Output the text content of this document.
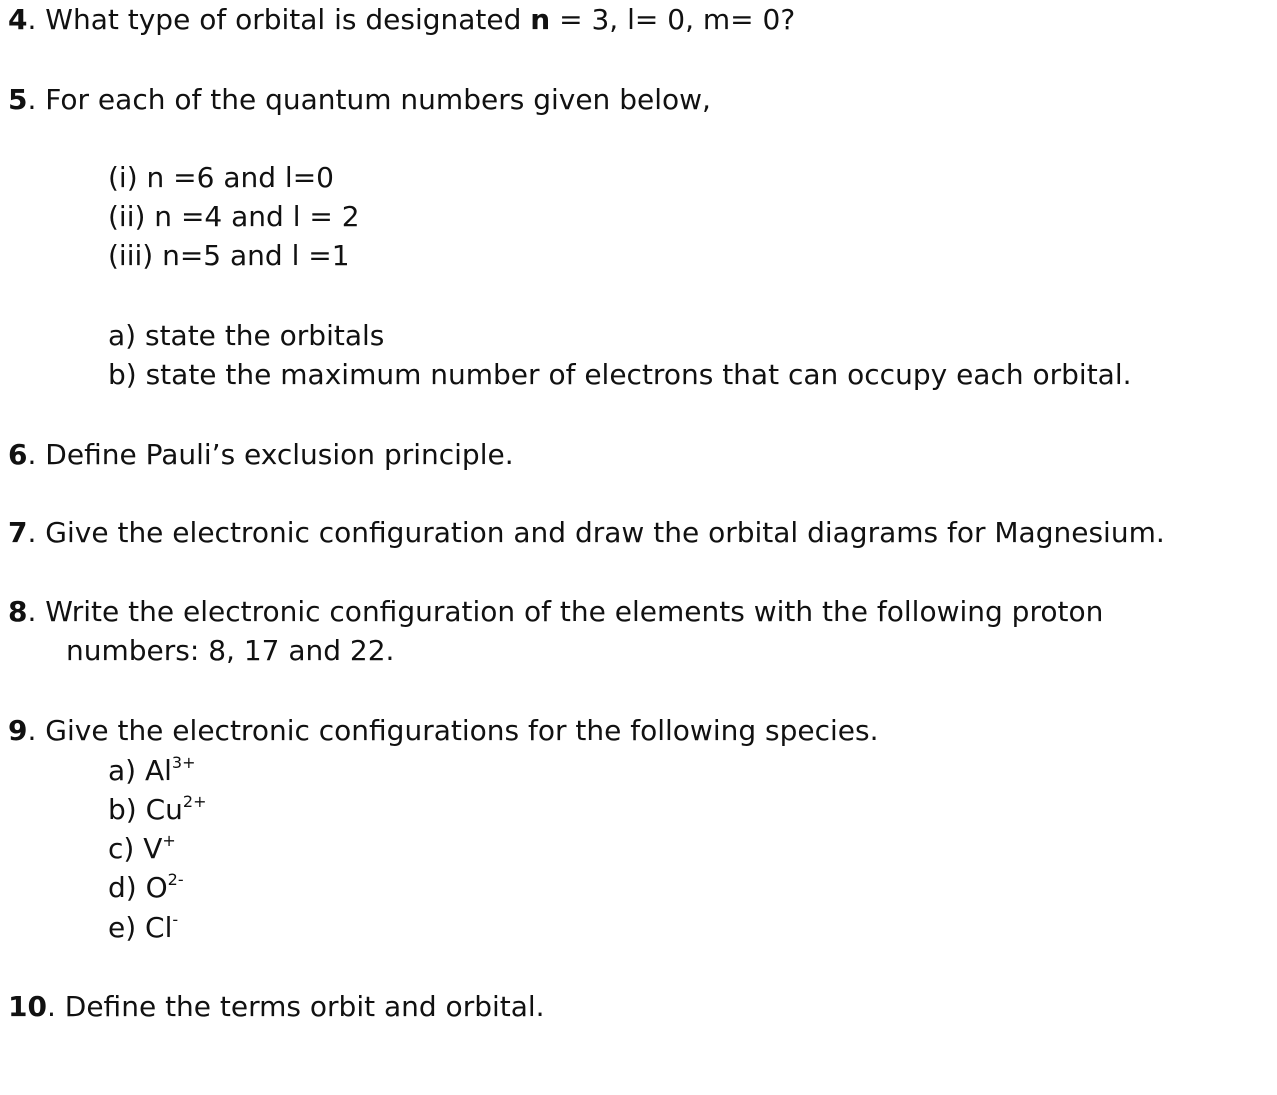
4. What type of orbital is designated n = 3, l= 0, m= 0?
5. For each of the quantum numbers given below,
(i) n =6 and l=0
(ii) n =4 and l = 2
(iii) n=5 and l =1
a) state the orbitals
b) state the maximum number of electrons that can occupy each orbital.
6. Define Pauli’s exclusion principle.
7. Give the electronic configuration and draw the orbital diagrams for Magnesium.
8. Write the electronic configuration of the elements with the following proton
numbers: 8, 17 and 22.
9. Give the electronic configurations for the following species.
a) $Al^{3+}$
b) $Cu^{2+}$
c) V+
d) $O^{2-}$
e) Cl-
10. Define the terms orbit and orbital.
